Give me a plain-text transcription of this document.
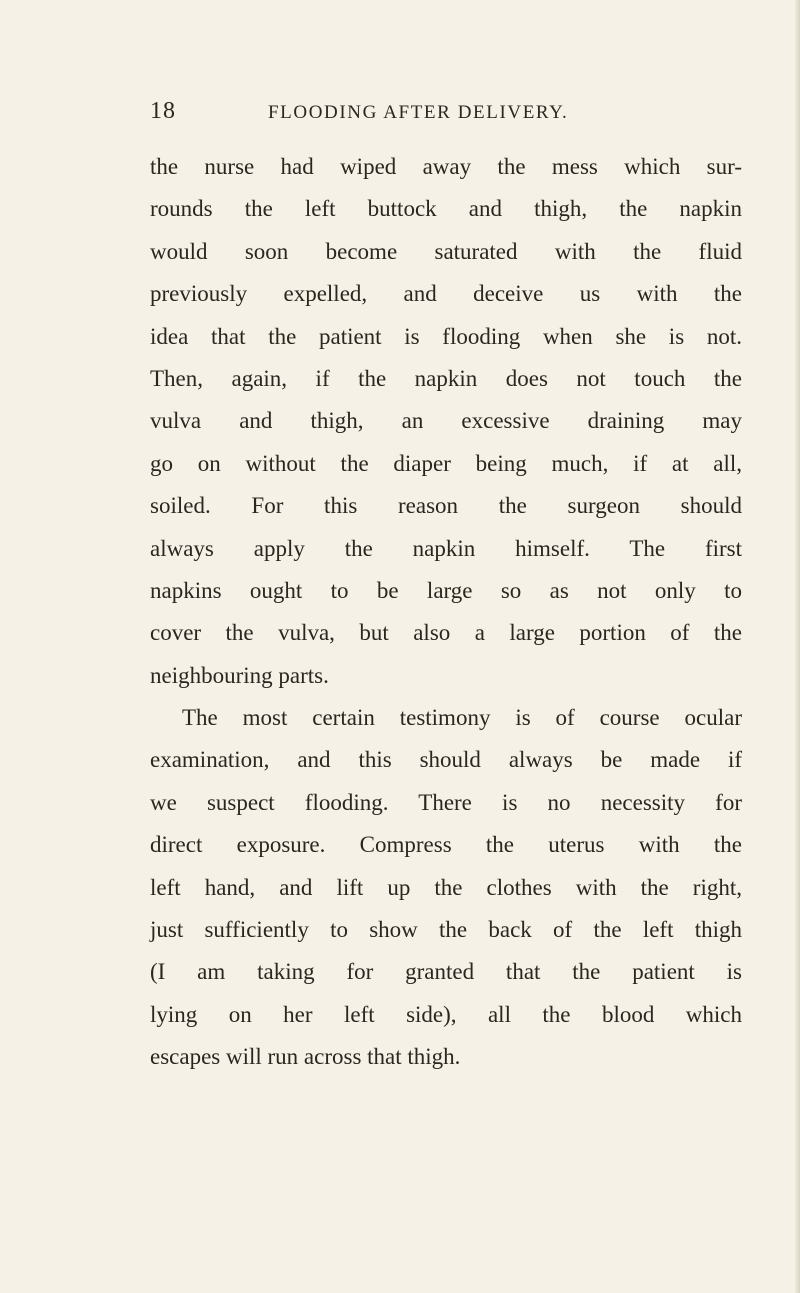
18	FLOODING AFTER DELIVERY.
the nurse had wiped away the mess which sur-
rounds the left buttock and thigh, the napkin
would soon become saturated with the fluid
previously expelled, and deceive us with the
idea that the patient is flooding when she is not.
Then, again, if the napkin does not touch the
vulva and thigh, an excessive draining may
go on without the diaper being much, if at all,
soiled. For this reason the surgeon should
always apply the napkin himself. The first
napkins ought to be large so as not only to
cover the vulva, but also a large portion of the
neighbouring parts.
The most certain testimony is of course ocular
examination, and this should always be made if
we suspect flooding. There is no necessity for
direct exposure. Compress the uterus with the
left hand, and lift up the clothes with the right,
just sufficiently to show the back of the left thigh
(I am taking for granted that the patient is
lying on her left side), all the blood which
escapes will run across that thigh.
